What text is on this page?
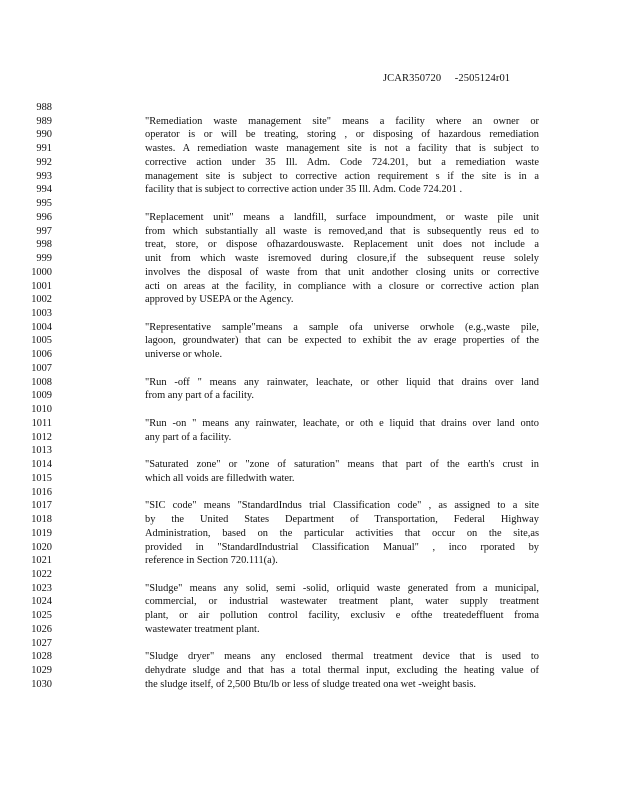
JCAR350720     -2505124r01
988
989	"Remediation waste management site" means a facility where an owner or
990	operator is or will be treating, storing , or disposing of hazardous remediation
991	wastes. A remediation waste management site is not a facility that is subject to
992	corrective action under 35 Ill. Adm. Code 724.201, but a remediation waste
993	management site is subject to corrective action requirement s if the site is in a
994	facility that is subject to corrective action under 35 Ill. Adm. Code 724.201 .
995
996	"Replacement unit" means a landfill, surface impoundment, or waste pile unit
997	from which substantially all waste is removed,and that is subsequently reus ed to
998	treat, store, or dispose ofhazardouswaste. Replacement unit does not include a
999	unit from which waste isremoved during closure,if the subsequent reuse solely
1000	involves the disposal of waste from that unit andother closing units or corrective
1001	acti on areas at the facility, in compliance with a closure or corrective action plan
1002	approved by USEPA or the Agency.
1003
1004	"Representative sample"means a sample ofa universe orwhole (e.g.,waste pile,
1005	lagoon, groundwater) that can be expected to exhibit the av erage properties of the
1006	universe or whole.
1007
1008	"Run -off " means any rainwater, leachate, or other liquid that drains over land
1009	from any part of a facility.
1010
1011	"Run -on " means any rainwater, leachate, or oth e liquid that drains over land onto
1012	any part of a facility.
1013
1014	"Saturated zone" or "zone of saturation" means that part of the earth's crust in
1015	which all voids are filledwith water.
1016
1017	"SIC code" means "StandardIndus trial Classification code" , as assigned to a site
1018	by the United States Department of Transportation, Federal Highway
1019	Administration, based on the particular activities that occur on the site,as
1020	provided in "StandardIndustrial Classification Manual" , inco rporated by
1021	reference in Section 720.111(a).
1022
1023	"Sludge" means any solid, semi -solid, orliquid waste generated from a municipal,
1024	commercial, or industrial wastewater treatment plant, water supply treatment
1025	plant, or air pollution control facility, exclusiv e ofthe treatedeffluent froma
1026	wastewater treatment plant.
1027
1028	"Sludge dryer" means any enclosed thermal treatment device that is used to
1029	dehydrate sludge and that has a total thermal input, excluding the heating value of
1030	the sludge itself, of 2,500 Btu/lb or less of sludge treated ona wet -weight basis.
